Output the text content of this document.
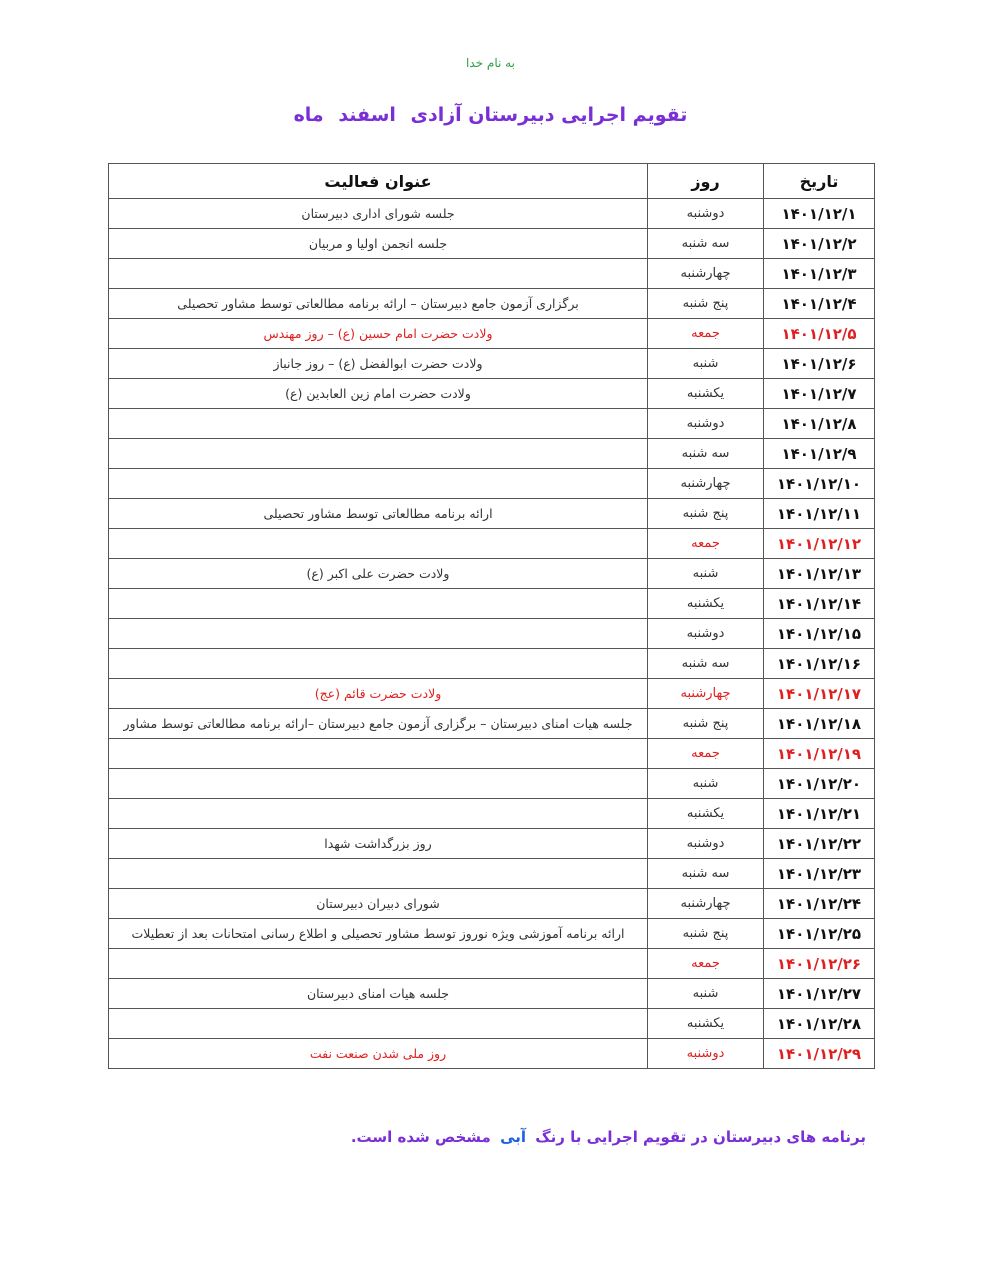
به نام خدا
تقویم اجرایی دبیرستان آزادی اسفند ماه
تاریخ	روز	عنوان فعالیت
۱۴۰۱/۱۲/۱	دوشنبه	جلسه شورای اداری دبیرستان
۱۴۰۱/۱۲/۲	سه شنبه	جلسه انجمن اولیا و مربیان
۱۴۰۱/۱۲/۳	چهارشنبه	
۱۴۰۱/۱۲/۴	پنج شنبه	برگزاری آزمون جامع دبیرستان – ارائه برنامه مطالعاتی توسط مشاور تحصیلی
۱۴۰۱/۱۲/۵	جمعه	ولادت حضرت امام حسین (ع) – روز مهندس
۱۴۰۱/۱۲/۶	شنبه	ولادت حضرت ابوالفضل (ع) – روز جانباز
۱۴۰۱/۱۲/۷	یکشنبه	ولادت حضرت امام زین العابدین (ع)
۱۴۰۱/۱۲/۸	دوشنبه	
۱۴۰۱/۱۲/۹	سه شنبه	
۱۴۰۱/۱۲/۱۰	چهارشنبه	
۱۴۰۱/۱۲/۱۱	پنج شنبه	ارائه برنامه مطالعاتی توسط مشاور تحصیلی
۱۴۰۱/۱۲/۱۲	جمعه	
۱۴۰۱/۱۲/۱۳	شنبه	ولادت حضرت علی اکبر (ع)
۱۴۰۱/۱۲/۱۴	یکشنبه	
۱۴۰۱/۱۲/۱۵	دوشنبه	
۱۴۰۱/۱۲/۱۶	سه شنبه	
۱۴۰۱/۱۲/۱۷	چهارشنبه	ولادت حضرت قائم (عج)
۱۴۰۱/۱۲/۱۸	پنج شنبه	جلسه هیات امنای دبیرستان – برگزاری آزمون جامع دبیرستان –ارائه برنامه مطالعاتی توسط مشاور
۱۴۰۱/۱۲/۱۹	جمعه	
۱۴۰۱/۱۲/۲۰	شنبه	
۱۴۰۱/۱۲/۲۱	یکشنبه	
۱۴۰۱/۱۲/۲۲	دوشنبه	روز بزرگداشت شهدا
۱۴۰۱/۱۲/۲۳	سه شنبه	
۱۴۰۱/۱۲/۲۴	چهارشنبه	شورای دبیران دبیرستان
۱۴۰۱/۱۲/۲۵	پنج شنبه	ارائه برنامه آموزشی ویژه نوروز توسط مشاور تحصیلی و اطلاع رسانی امتحانات بعد از تعطیلات
۱۴۰۱/۱۲/۲۶	جمعه	
۱۴۰۱/۱۲/۲۷	شنبه	جلسه هیات امنای دبیرستان
۱۴۰۱/۱۲/۲۸	یکشنبه	
۱۴۰۱/۱۲/۲۹	دوشنبه	روز ملی شدن صنعت نفت
برنامه های دبیرستان در تقویم اجرایی با رنگ آبی مشخص شده است.
